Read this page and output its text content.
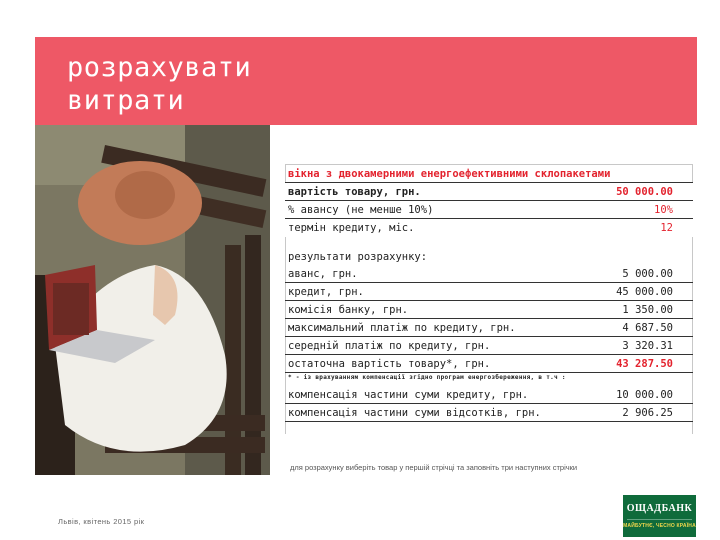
розрахувати
витрати
вікна з двокамерними енергоефективними склопакетами
вартість товару, грн.	50 000.00
% авансу (не менше 10%)	10%
термін кредиту, міс.	12
результати розрахунку:
аванс, грн.	5 000.00
кредит, грн.	45 000.00
комісія банку, грн.	1 350.00
максимальний платіж по кредиту, грн.	4 687.50
середній платіж по кредиту, грн.	3 320.31
остаточна вартість товару*, грн.	43 287.50
* - із врахуванням компенсації згідно програм енергозбереження, в т.ч :
компенсація частини суми кредиту, грн.	10 000.00
компенсація частини суми відсотків, грн.	2 906.25
для розрахунку виберіть товар у першій стрічці та заповніть три наступних стрічки
Львів, квітень 2015 рік
ОЩАДБАНК
МАЙБУТНЄ, ЧЕСНО КРАЇНА
